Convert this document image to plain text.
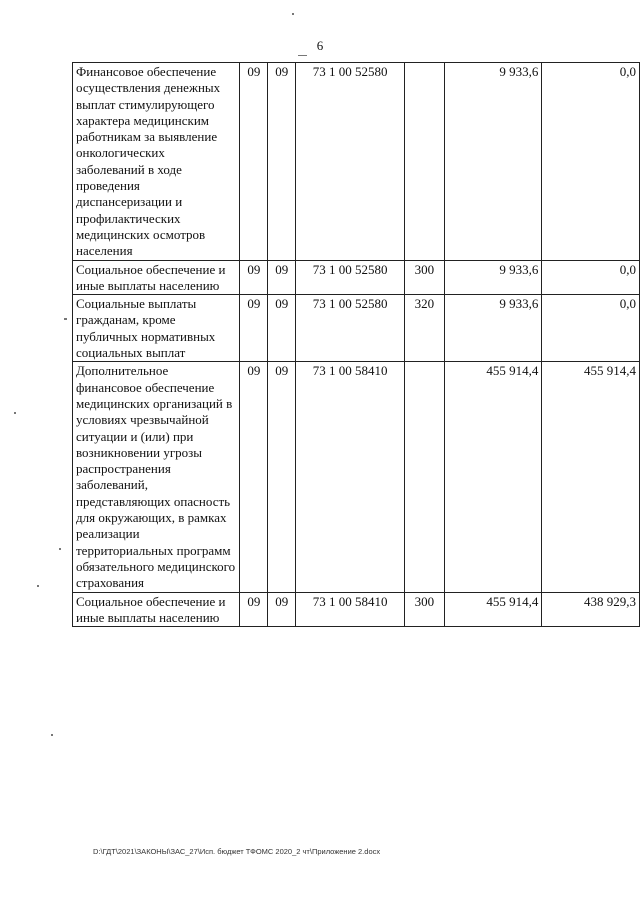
6
Финансовое обеспечение осуществления денежных выплат стимулирующего характера медицинским работникам за выявление онкологических заболеваний в ходе проведения диспансеризации и профилактических медицинских осмотров населения	09	09	73 1 00 52580		9 933,6	0,0
Социальное обеспечение и иные выплаты населению	09	09	73 1 00 52580	300	9 933,6	0,0
Социальные выплаты гражданам, кроме публичных нормативных социальных выплат	09	09	73 1 00 52580	320	9 933,6	0,0
Дополнительное финансовое обеспечение медицинских организаций в условиях чрезвычайной ситуации и (или) при возникновении угрозы распространения заболеваний, представляющих опасность для окружающих, в рамках реализации территориальных программ обязательного медицинского страхования	09	09	73 1 00 58410		455 914,4	455 914,4
Социальное обеспечение и иные выплаты населению	09	09	73 1 00 58410	300	455 914,4	438 929,3
D:\ГДТ\2021\ЗАКОНЫ\ЗАС_27\Исп. бюджет ТФОМС 2020_2 чт\Приложение 2.docx
